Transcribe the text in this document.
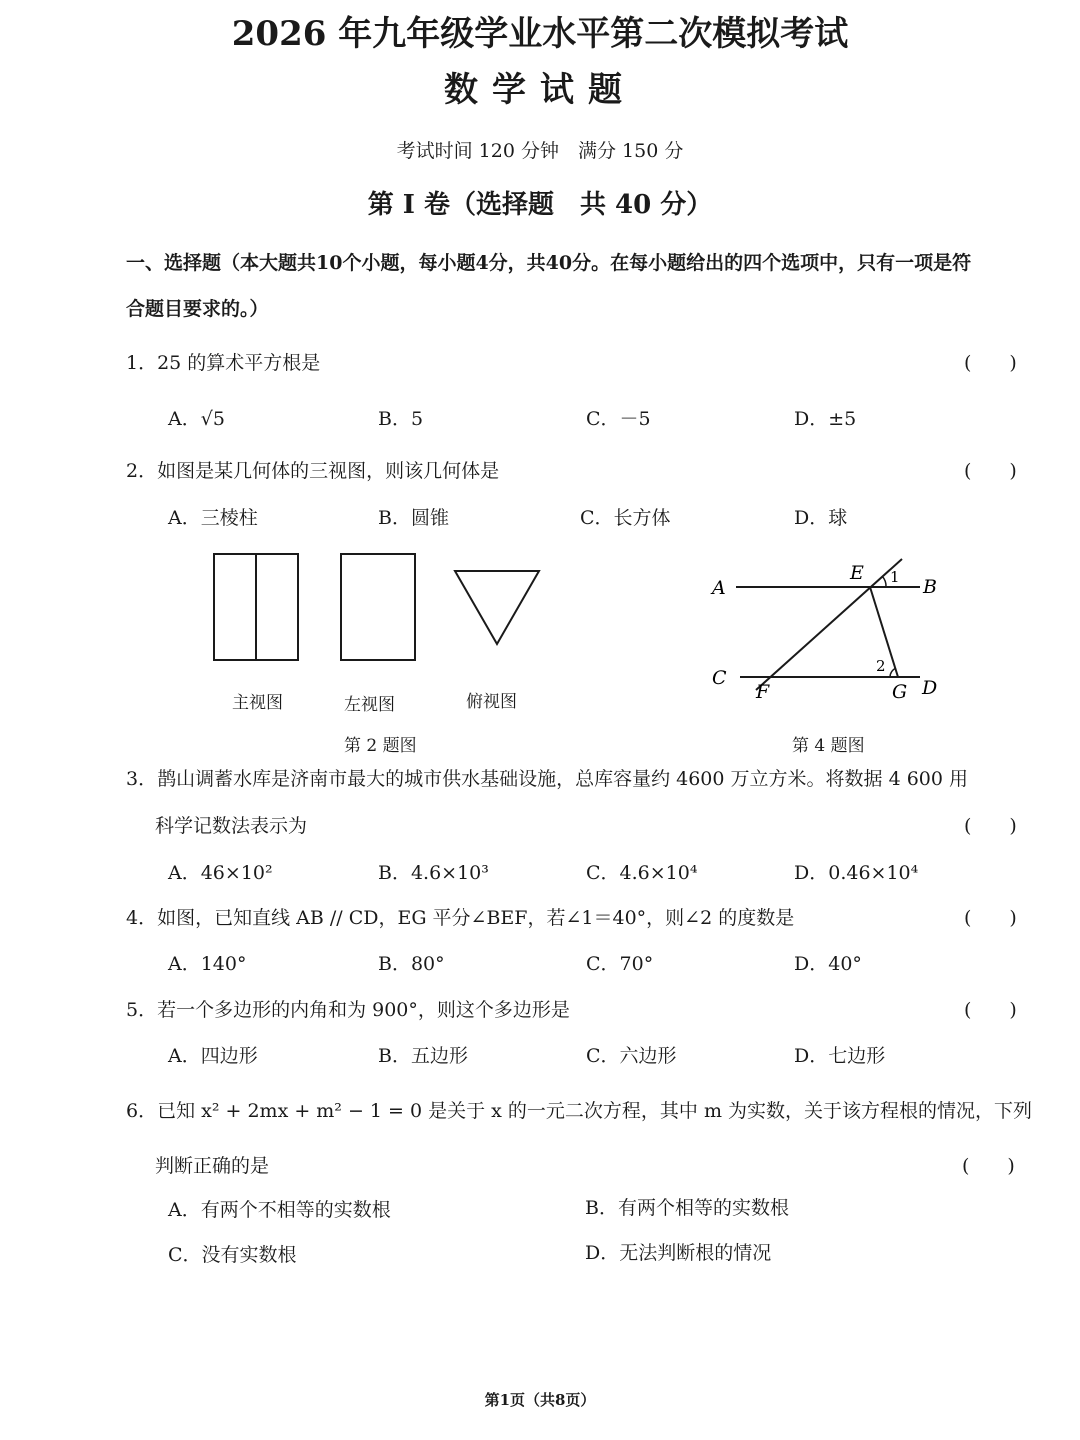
2026 年九年级学业水平第二次模拟考试
数学试题
考试时间 120 分钟　满分 150 分
第 I 卷（选择题　共 40 分）
一、选择题（本大题共10个小题，每小题4分，共40分。在每小题给出的四个选项中，只有一项是符
合题目要求的。）
1．25 的算术平方根是	(　　)
A．√5	B．5	C．－5	D．±5
2．如图是某几何体的三视图，则该几何体是	(　　)
A．三棱柱	B．圆锥	C．长方体	D．球
主视图	左视图	俯视图
第 2 题图
A	B
E 1
C
2
F	G D
第 4 题图
3．鹊山调蓄水库是济南市最大的城市供水基础设施，总库容量约 4600 万立方米。将数据 4 600 用
科学记数法表示为	(　　)
A．46×10²	B．4.6×10³	C．4.6×10⁴	D．0.46×10⁴
4．如图，已知直线 AB // CD，EG 平分∠BEF，若∠1＝40°，则∠2 的度数是	(　　)
A．140°	B．80°	C．70°	D．40°
5．若一个多边形的内角和为 900°，则这个多边形是	(　　)
A．四边形	B．五边形	C．六边形	D．七边形
6．已知 x² + 2mx + m² − 1 = 0 是关于 x 的一元二次方程，其中 m 为实数，关于该方程根的情况，下列
判断正确的是	(　　)
A．有两个不相等的实数根	B．有两个相等的实数根
C．没有实数根	D．无法判断根的情况
第1页（共8页）
